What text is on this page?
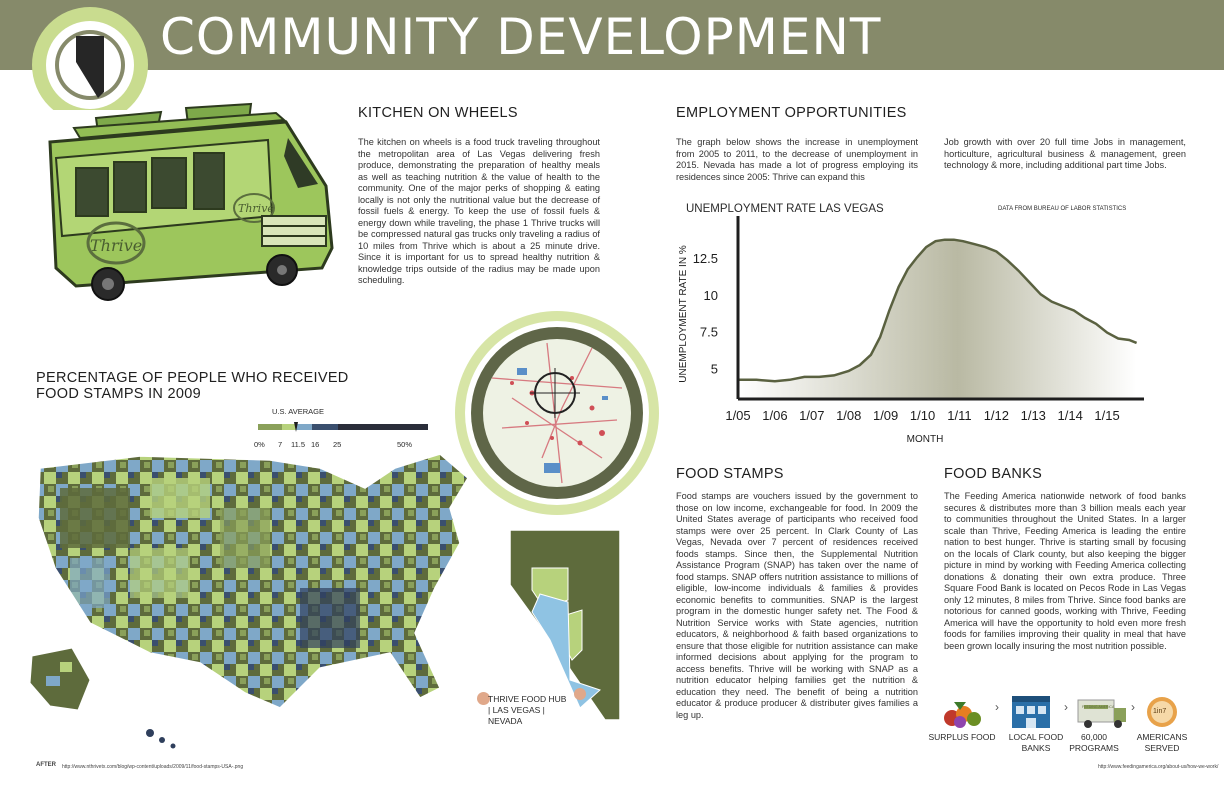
COMMUNITY DEVELOPMENT
Thrive
Thrive
KITCHEN ON WHEELS
The kitchen on wheels is a food truck traveling throughout the metropolitan area of Las Vegas delivering fresh produce, demonstrating the preparation of healthy meals as well as teaching nutrition & the value of health to the community. One of the major perks of shopping & eating locally is not only the nutritional value but the decrease of fossil fuels & energy. To keep the use of fossil fuels & energy down while traveling, the phase 1 Thrive trucks will be compressed natural gas trucks only traveling a radius of 10 miles from Thrive which is about a 25 minute drive. Since it is important for us to spread healthy nutrition & knowledge trips outside of the radius may be made upon scheduling.
EMPLOYMENT OPPORTUNITIES
The graph below shows the increase in unemployment from 2005 to 2011, to the decrease of unemployment in 2015. Nevada has made a lot of progress employing its residences since 2005: Thrive can expand this
Job growth with over 20 full time Jobs in management, horticulture, agricultural business & management, green technology & more, including additional part time Jobs.
UNEMPLOYMENT RATE LAS VEGAS	DATA FROM BUREAU OF LABOR STATISTICS
5
7.5
10
12.5
1/05 1/06 1/07 1/08 1/09 1/10 1/11 1/12 1/13 1/14 1/15
MONTH
UNEMPLOYMENT RATE IN %
PERCENTAGE OF PEOPLE WHO RECEIVED
FOOD STAMPS IN 2009
U.S. AVERAGE
0% 7 11.5 16 25	50%
THRIVE FOOD HUB | LAS VEGAS | NEVADA
FOOD STAMPS
Food stamps are vouchers issued by the government to those on low income, exchangeable for food. In 2009 the United States average of participants who received food stamps were over 25 percent. In Clark County of Las Vegas, Nevada over 7 percent of residences received foods stamps. Since then, the Supplemental Nutrition Assistance Program (SNAP) has taken over the name of food stamps. SNAP offers nutrition assistance to millions of eligible, low-income individuals & families & provides economic benefits to communities. SNAP is the largest program in the domestic hunger safety net. The Food & Nutrition Service works with State agencies, nutrition educators, & neighborhood & faith based organizations to ensure that those eligible for nutrition assistance can make informed decisions about applying for the program to access benefits. Thrive will be working with SNAP as a nutrition educator helping families get the nutrition & education they need. The benefit of being a nutrition educator & produce producer & distributer gives families a leg up.
FOOD BANKS
The Feeding America nationwide network of food banks secures & distributes more than 3 billion meals each year to communities throughout the United States. In a larger scale than Thrive, Feeding America is leading the entire nation to best hunger. Thrive is starting small by focusing on the locals of Clark county, but also keeping the bigger picture in mind by working with Feeding America collecting donations & donating their own extra produce. Three Square Food Bank is located on Pecos Rode in Las Vegas only 12 minutes, 8 miles from Thrive. Since food banks are notorious for canned goods, working with Thrive, Feeding America will have the opportunity to hold even more fresh foods for families improving their quality in meal that have been grown locally insuring the most nutrition possible.
FEEDING AMERICA
1in7
›	›	›
SURPLUS FOOD	LOCAL FOOD BANKS
60,000 PROGRAMS
AMERICANS SERVED
AFTER http://www.nthrivetx.com/blog/wp-content/uploads/2009/11/food-stamps-USA-.png	http://www.feedingamerica.org/about-us/how-we-work/
